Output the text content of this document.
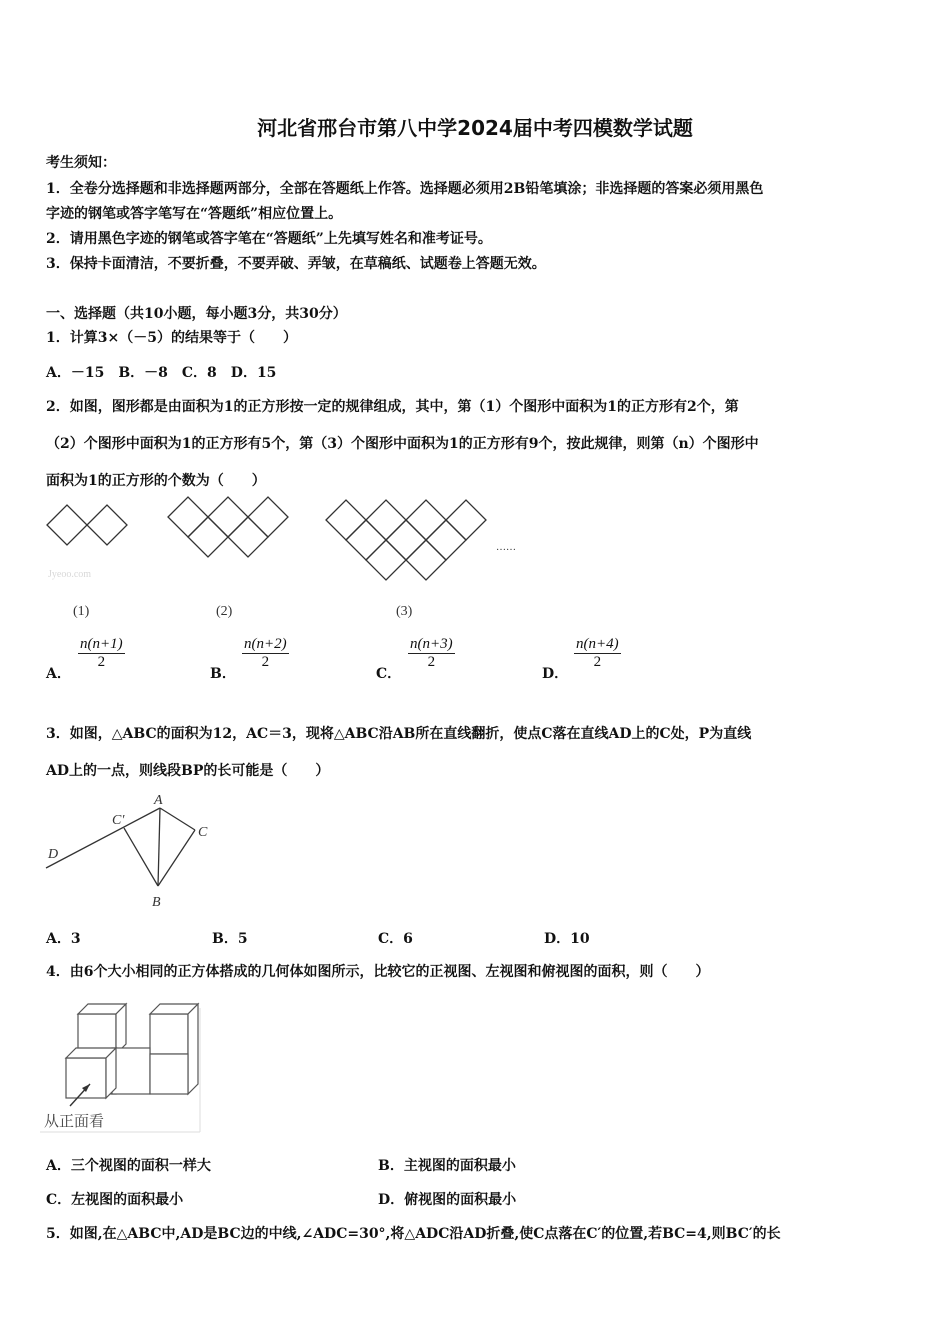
河北省邢台市第八中学2024届中考四模数学试题
考生须知：
1．全卷分选择题和非选择题两部分，全部在答题纸上作答。选择题必须用2B铅笔填涂；非选择题的答案必须用黑色
字迹的钢笔或答字笔写在“答题纸”相应位置上。
2．请用黑色字迹的钢笔或答字笔在“答题纸”上先填写姓名和准考证号。
3．保持卡面清洁，不要折叠，不要弄破、弄皱，在草稿纸、试题卷上答题无效。
一、选择题（共10小题，每小题3分，共30分）
1．计算3×（－5）的结果等于（　　）
A．－15　B．－8　C．8　D．15
2．如图，图形都是由面积为1的正方形按一定的规律组成，其中，第（1）个图形中面积为1的正方形有2个，第
（2）个图形中面积为1的正方形有5个，第（3）个图形中面积为1的正方形有9个，按此规律，则第（n）个图形中
面积为1的正方形的个数为（　　）
……
Jyeoo.com
(1)	(2)	(3)
A．
$\frac{n(n+1)}{2}$
B．
$\frac{n(n+2)}{2}$
C．
$\frac{n(n+3)}{2}$
D．
$\frac{n(n+4)}{2}$
3．如图，△ABC的面积为12，AC＝3，现将△ABC沿AB所在直线翻折，使点C落在直线AD上的C处，P为直线
AD上的一点，则线段BP的长可能是（　　）
A
B
C
C′
D
A．3	B．5	C．6	D．10
4．由6个大小相同的正方体搭成的几何体如图所示，比较它的正视图、左视图和俯视图的面积，则（　　）
从正面看
A．三个视图的面积一样大	B．主视图的面积最小
C．左视图的面积最小	D．俯视图的面积最小
5．如图,在△ABC中,AD是BC边的中线,∠ADC=30°,将△ADC沿AD折叠,使C点落在C′的位置,若BC=4,则BC′的长
